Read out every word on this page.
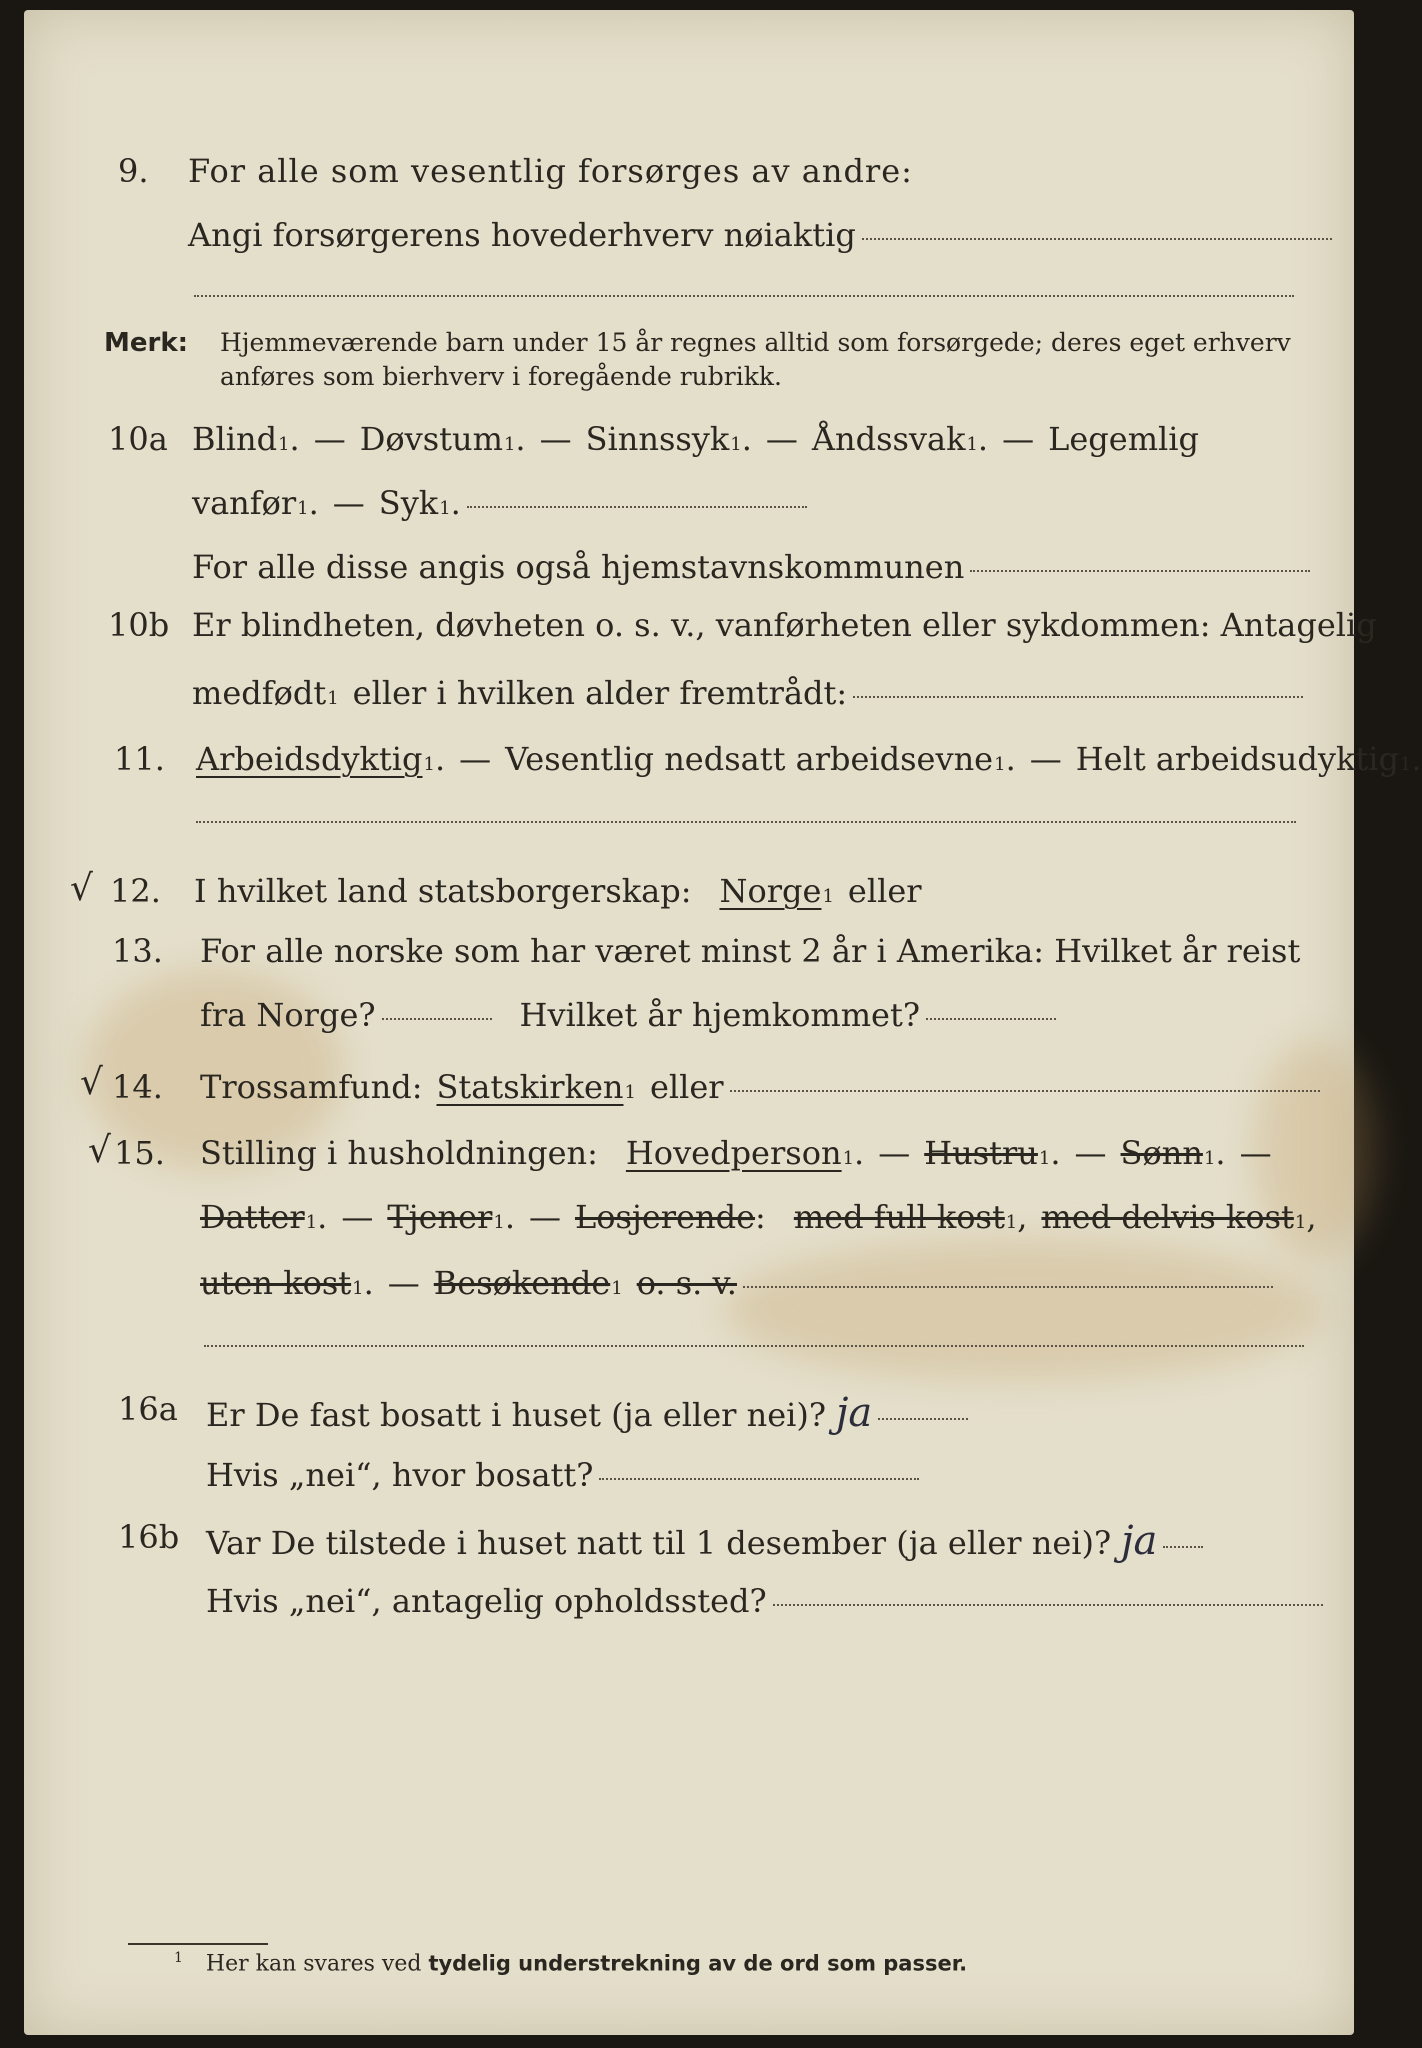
9.	For alle som vesentlig forsørges av andre:
Angi forsørgerens hovederhverv nøiaktig
Merk: Hjemmeværende barn under 15 år regnes alltid som forsørgede; deres eget erhverv
anføres som bierhverv i foregående rubrikk.
10a Blind 1 . — Døvstum 1 . — Sinnssyk 1 . — Åndssvak 1 . — Legemlig
vanfør 1 . — Syk 1 .
For alle disse angis også hjemstavnskommunen
10b Er blindheten, døvheten o. s. v., vanførheten eller sykdommen: Antagelig
medfødt 1 eller i hvilken alder fremtrådt:
11. Arbeidsdyktig 1 . — Vesentlig nedsatt arbeidsevne 1 . — Helt arbeidsudyktig 1 .
√ 12.	I hvilket land statsborgerskap: Norge 1 eller
13.	For alle norske som har været minst 2 år i Amerika: Hvilket år reist
fra Norge?	Hvilket år hjemkommet?
√ 14.	Trossamfund: Statskirken 1 eller
√ 15.	Stilling i husholdningen: Hovedperson 1 . — Hustru 1 . — Sønn 1 . —
Datter 1 . — Tjener 1 . — Losjerende : med full kost 1 , med delvis kost 1 ,
uten kost 1 . — Besøkende 1 o. s. v.
16a Er De fast bosatt i huset (ja eller nei)? ja
Hvis „nei“, hvor bosatt?
16b Var De tilstede i huset natt til 1 desember (ja eller nei)? ja
Hvis „nei“, antagelig opholdssted?
$^1$ Her kan svares ved tydelig understrekning av de ord som passer.
